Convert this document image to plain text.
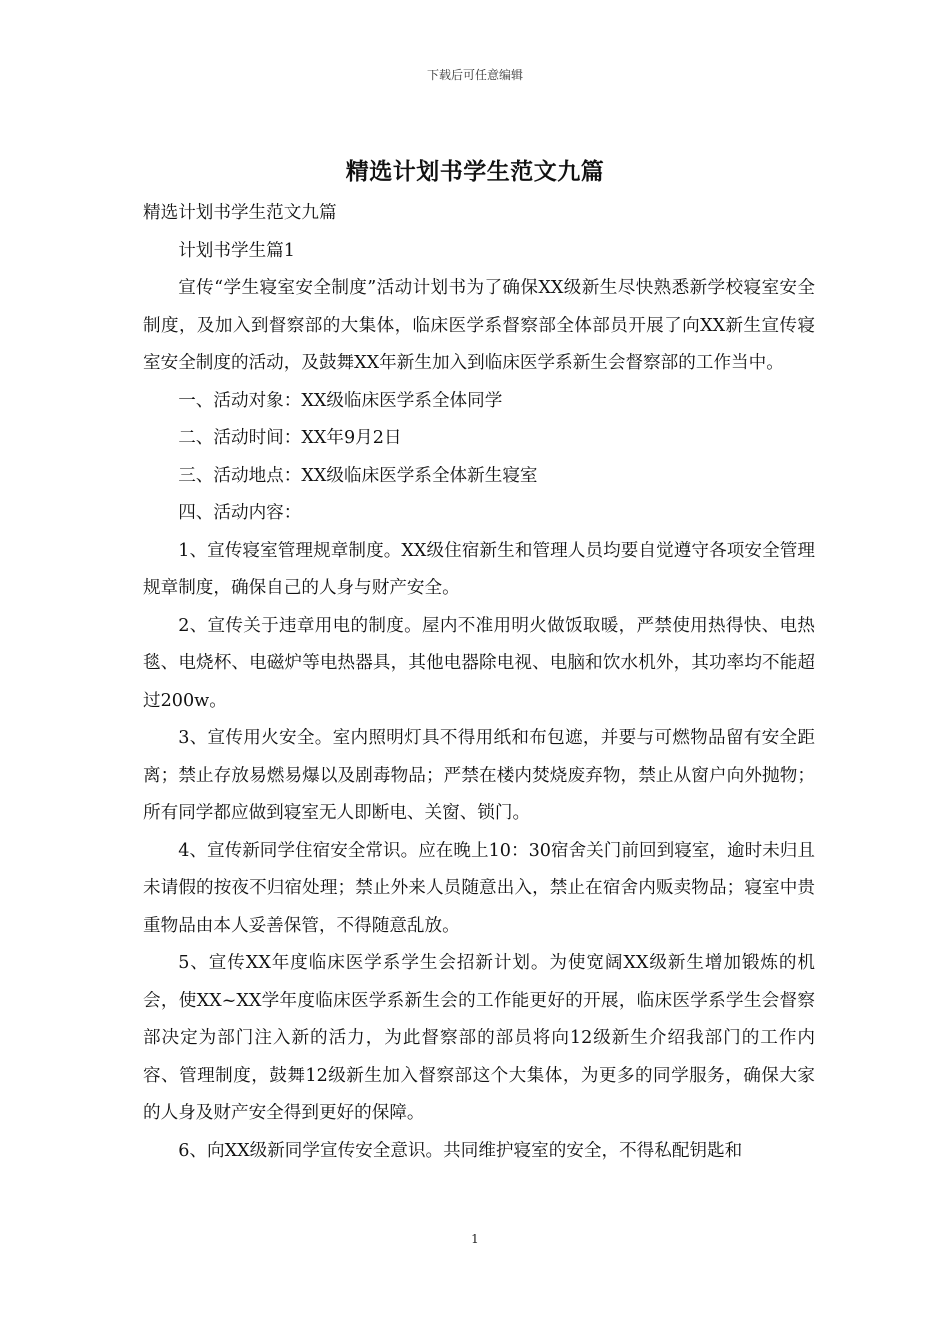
下载后可任意编辑
精选计划书学生范文九篇

精选计划书学生范文九篇

计划书学生篇1

宣传“学生寝室安全制度”活动计划书为了确保XX级新生尽快熟悉新学校寝室安全制度，及加入到督察部的大集体，临床医学系督察部全体部员开展了向XX新生宣传寝室安全制度的活动，及鼓舞XX年新生加入到临床医学系新生会督察部的工作当中。

一、活动对象：XX级临床医学系全体同学

二、活动时间：XX年9月2日

三、活动地点：XX级临床医学系全体新生寝室

四、活动内容：

1、宣传寝室管理规章制度。XX级住宿新生和管理人员均要自觉遵守各项安全管理规章制度，确保自己的人身与财产安全。

2、宣传关于违章用电的制度。屋内不准用明火做饭取暖，严禁使用热得快、电热毯、电烧杯、电磁炉等电热器具，其他电器除电视、电脑和饮水机外，其功率均不能超过200w。

3、宣传用火安全。室内照明灯具不得用纸和布包遮，并要与可燃物品留有安全距离；禁止存放易燃易爆以及剧毒物品；严禁在楼内焚烧废弃物，禁止从窗户向外抛物；所有同学都应做到寝室无人即断电、关窗、锁门。

4、宣传新同学住宿安全常识。应在晚上10：30宿舍关门前回到寝室，逾时未归且未请假的按夜不归宿处理；禁止外来人员随意出入，禁止在宿舍内贩卖物品；寝室中贵重物品由本人妥善保管，不得随意乱放。

5、宣传XX年度临床医学系学生会招新计划。为使宽阔XX级新生增加锻炼的机会，使XX~XX学年度临床医学系新生会的工作能更好的开展，临床医学系学生会督察部决定为部门注入新的活力，为此督察部的部员将向12级新生介绍我部门的工作内容、管理制度，鼓舞12级新生加入督察部这个大集体，为更多的同学服务，确保大家的人身及财产安全得到更好的保障。

6、向XX级新同学宣传安全意识。共同维护寝室的安全，不得私配钥匙和

1
